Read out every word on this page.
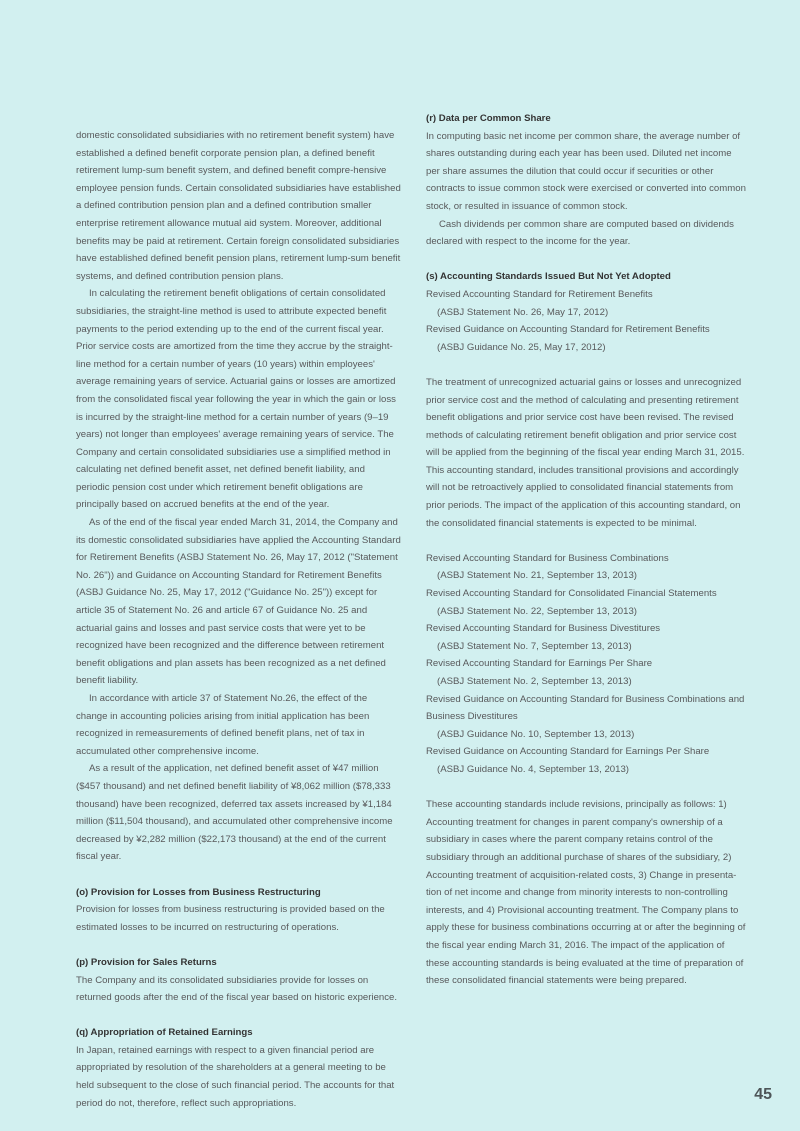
domestic consolidated subsidiaries with no retirement benefit system) have established a defined benefit corporate pension plan, a defined benefit retirement lump-sum benefit system, and defined benefit compre-hensive employee pension funds. Certain consolidated subsidiaries have established a defined contribution pension plan and a defined contribution smaller enterprise retirement allowance mutual aid system. Moreover, additional benefits may be paid at retirement. Certain foreign consolidated subsidiaries have established defined benefit pension plans, retirement lump-sum benefit systems, and defined contribution pension plans.

In calculating the retirement benefit obligations of certain consolidated subsidiaries, the straight-line method is used to attribute expected benefit payments to the period extending up to the end of the current fiscal year. Prior service costs are amortized from the time they accrue by the straight-line method for a certain number of years (10 years) within employees' average remaining years of service. Actuarial gains or losses are amortized from the consolidated fiscal year following the year in which the gain or loss is incurred by the straight-line method for a certain number of years (9–19 years) not longer than employees' average remaining years of service. The Company and certain consolidated subsidiaries use a simplified method in calculating net defined benefit asset, net defined benefit liability, and periodic pension cost under which retirement benefit obligations are principally based on accrued benefits at the end of the year.

As of the end of the fiscal year ended March 31, 2014, the Company and its domestic consolidated subsidiaries have applied the Accounting Standard for Retirement Benefits (ASBJ Statement No. 26, May 17, 2012 ("Statement No. 26")) and Guidance on Accounting Standard for Retirement Benefits (ASBJ Guidance No. 25, May 17, 2012 ("Guidance No. 25")) except for article 35 of Statement No. 26 and article 67 of Guidance No. 25 and actuarial gains and losses and past service costs that were yet to be recognized have been recognized and the difference between retirement benefit obligations and plan assets has been recognized as a net defined benefit liability.

In accordance with article 37 of Statement No.26, the effect of the change in accounting policies arising from initial application has been recognized in remeasurements of defined benefit plans, net of tax in accumulated other comprehensive income.

As a result of the application, net defined benefit asset of ¥47 million ($457 thousand) and net defined benefit liability of ¥8,062 million ($78,333 thousand) have been recognized, deferred tax assets increased by ¥1,184 million ($11,504 thousand), and accumulated other comprehensive income decreased by ¥2,282 million ($22,173 thousand) at the end of the current fiscal year.

(o) Provision for Losses from Business Restructuring

Provision for losses from business restructuring is provided based on the estimated losses to be incurred on restructuring of operations.

(p) Provision for Sales Returns

The Company and its consolidated subsidiaries provide for losses on returned goods after the end of the fiscal year based on historic experience.

(q) Appropriation of Retained Earnings

In Japan, retained earnings with respect to a given financial period are appropriated by resolution of the shareholders at a general meeting to be held subsequent to the close of such financial period. The accounts for that period do not, therefore, reflect such appropriations.

(r) Data per Common Share

In computing basic net income per common share, the average number of shares outstanding during each year has been used. Diluted net income per share assumes the dilution that could occur if securities or other contracts to issue common stock were exercised or converted into common stock, or resulted in issuance of common stock.

Cash dividends per common share are computed based on dividends declared with respect to the income for the year.

(s) Accounting Standards Issued But Not Yet Adopted

Revised Accounting Standard for Retirement Benefits

(ASBJ Statement No. 26, May 17, 2012)

Revised Guidance on Accounting Standard for Retirement Benefits

(ASBJ Guidance No. 25, May 17, 2012)

The treatment of unrecognized actuarial gains or losses and unrecognized prior service cost and the method of calculating and presenting retirement benefit obligations and prior service cost have been revised. The revised methods of calculating retirement benefit obligation and prior service cost will be applied from the beginning of the fiscal year ending March 31, 2015. This accounting standard, includes transitional provisions and accordingly will not be retroactively applied to consolidated financial statements from prior periods. The impact of the application of this accounting standard, on the consolidated financial statements is expected to be minimal.

Revised Accounting Standard for Business Combinations

(ASBJ Statement No. 21, September 13, 2013)

Revised Accounting Standard for Consolidated Financial Statements

(ASBJ Statement No. 22, September 13, 2013)

Revised Accounting Standard for Business Divestitures

(ASBJ Statement No. 7, September 13, 2013)

Revised Accounting Standard for Earnings Per Share

(ASBJ Statement No. 2, September 13, 2013)

Revised Guidance on Accounting Standard for Business Combinations and Business Divestitures

(ASBJ Guidance No. 10, September 13, 2013)

Revised Guidance on Accounting Standard for Earnings Per Share

(ASBJ Guidance No. 4, September 13, 2013)

These accounting standards include revisions, principally as follows: 1) Accounting treatment for changes in parent company's ownership of a subsidiary in cases where the parent company retains control of the subsidiary through an additional purchase of shares of the subsidiary, 2) Accounting treatment of acquisition-related costs, 3) Change in presenta-tion of net income and change from minority interests to non-controlling interests, and 4) Provisional accounting treatment. The Company plans to apply these for business combinations occurring at or after the beginning of the fiscal year ending March 31, 2016. The impact of the application of these accounting standards is being evaluated at the time of preparation of these consolidated financial statements were being prepared.

45
